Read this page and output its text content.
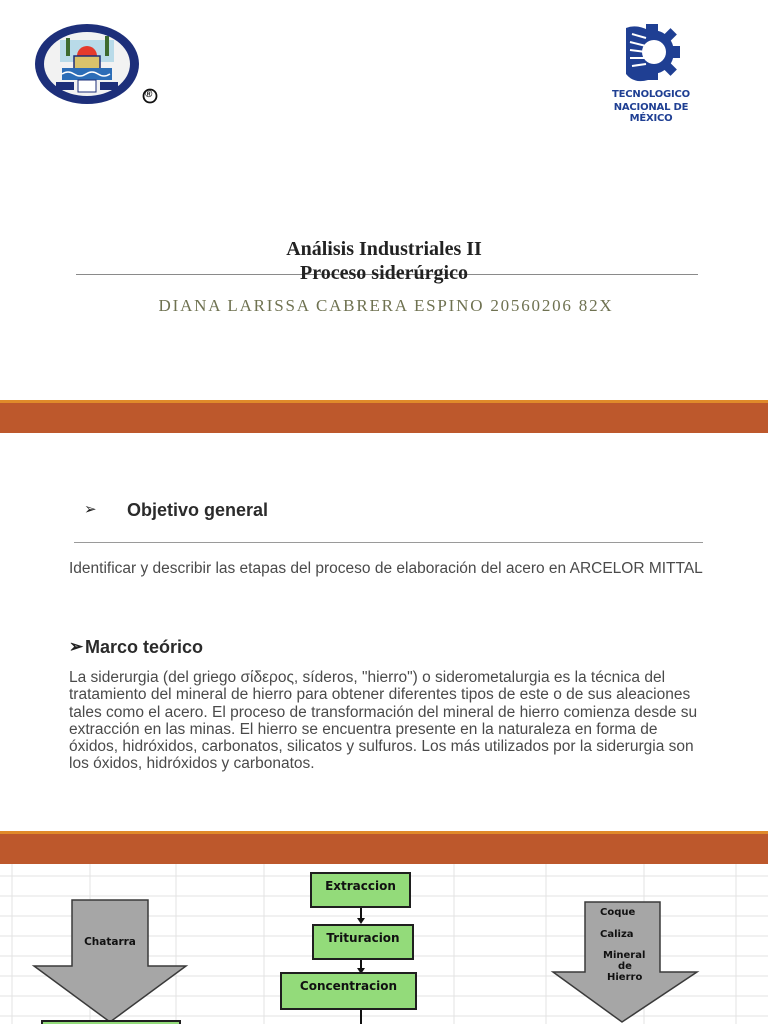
®	TECNOLOGICO
NACIONAL DE MÉXICO
Análisis Industriales II
Proceso siderúrgico
DIANA LARISSA CABRERA ESPINO 20560206 82X
➢ Objetivo general
Identificar y describir las etapas del proceso de elaboración del acero en ARCELOR MITTAL
➢ Marco teórico
La siderurgia (del griego σίδερος, síderos, "hierro") o siderometalurgia es la técnica del tratamiento del mineral de hierro para obtener diferentes tipos de este o de sus aleaciones tales como el acero. El proceso de transformación del mineral de hierro comienza desde su extracción en las minas. El hierro se encuentra presente en la naturaleza en forma de óxidos, hidróxidos, carbonatos, silicatos y sulfuros. Los más utilizados por la siderurgia son los óxidos, hidróxidos y carbonatos.
Chatarra
Extraccion
Trituracion
Concentracion
Coque
Caliza
Mineral
de
Hierro
